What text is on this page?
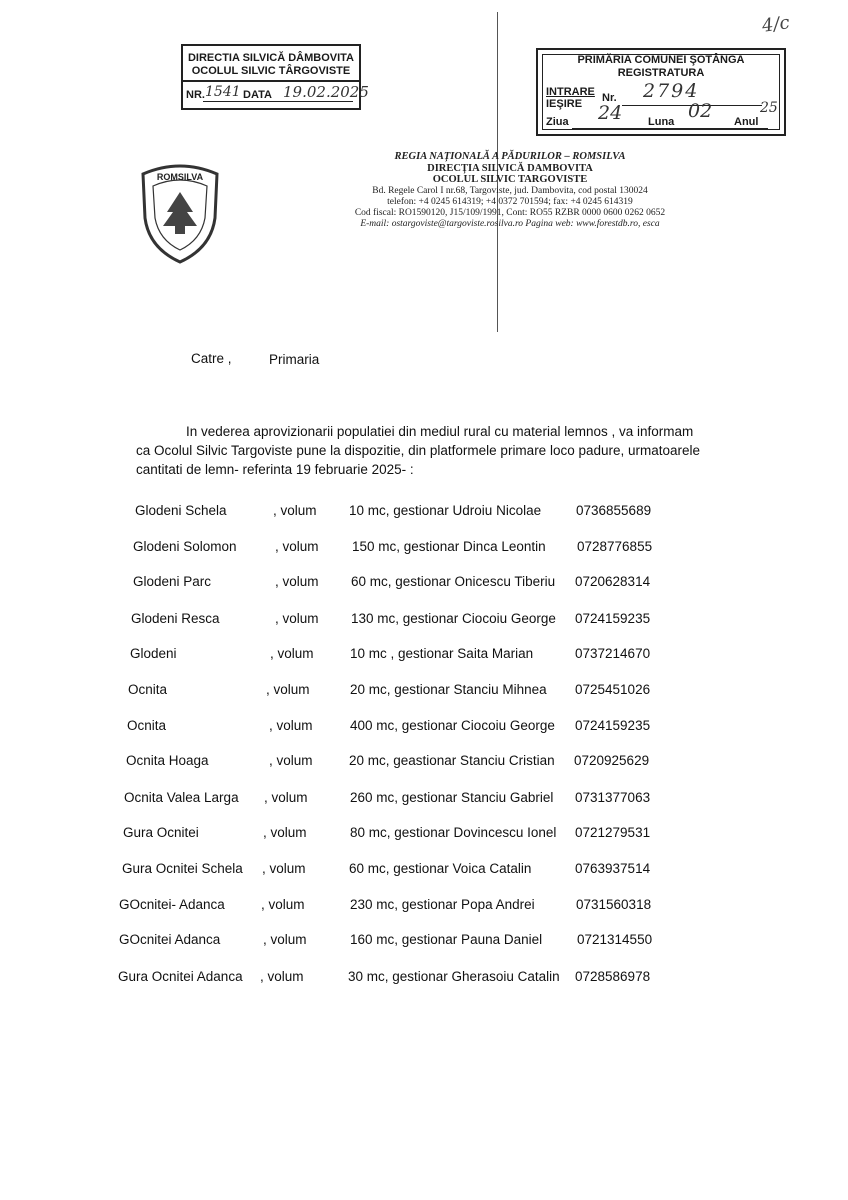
DIRECTIA SILVICĂ DÂMBOVITA
OCOLUL SILVIC TÂRGOVISTE
NR. 1541 DATA 19.02.2025
4/c
PRIMĂRIA COMUNEI ŞOTÂNGA
REGISTRATURA
INTRARE
IEŞIRE Nr. 2794
Ziua 24 Luna 02 Anul
25
ROMSILVA
REGIA NAȚIONALĂ A PĂDURILOR – ROMSILVA
DIRECȚIA SILVICĂ DAMBOVITA
OCOLUL SILVIC TARGOVISTE
Bd. Regele Carol I nr.68, Targoviste, jud. Dambovita, cod postal 130024
telefon: +4 0245 614319; +4 0372 701594; fax: +4 0245 614319
Cod fiscal: RO1590120, J15/109/1991, Cont: RO55 RZBR 0000 0600 0262 0652
E-mail: ostargoviste@targoviste.rosilva.ro Pagina web: www.forestdb.ro, esca
Catre ,	Primaria
In vederea aprovizionarii populatiei din mediul rural cu material lemnos , va informam
ca Ocolul Silvic Targoviste pune la dispozitie, din platformele primare loco padure, urmatoarele
cantitati de lemn- referinta 19 februarie 2025- :
Glodeni Schela	, volum 10 mc, gestionar Udroiu Nicolae	0736855689
Glodeni Solomon	, volum 150 mc, gestionar Dinca Leontin 0728776855
Glodeni Parc	, volum 60 mc, gestionar Onicescu Tiberiu 0720628314
Glodeni Resca	, volum 130 mc, gestionar Ciocoiu George 0724159235
Glodeni	, volum	10 mc , gestionar Saita Marian	0737214670
Ocnita	, volum	20 mc, gestionar Stanciu Mihnea 0725451026
Ocnita	, volum	400 mc, gestionar Ciocoiu George 0724159235
Ocnita Hoaga	, volum	20 mc, geastionar Stanciu Cristian 0720925629
Ocnita Valea Larga , volum	260 mc, gestionar Stanciu Gabriel 0731377063
Gura Ocnitei	, volum	80 mc, gestionar Dovincescu Ionel 0721279531
Gura Ocnitei Schela , volum	60 mc, gestionar Voica Catalin	0763937514
GOcnitei- Adanca	, volum	230 mc, gestionar Popa Andrei	0731560318
GOcnitei Adanca	, volum	160 mc, gestionar Pauna Daniel	0721314550
Gura Ocnitei Adanca , volum	30 mc, gestionar Gherasoiu Catalin 0728586978
